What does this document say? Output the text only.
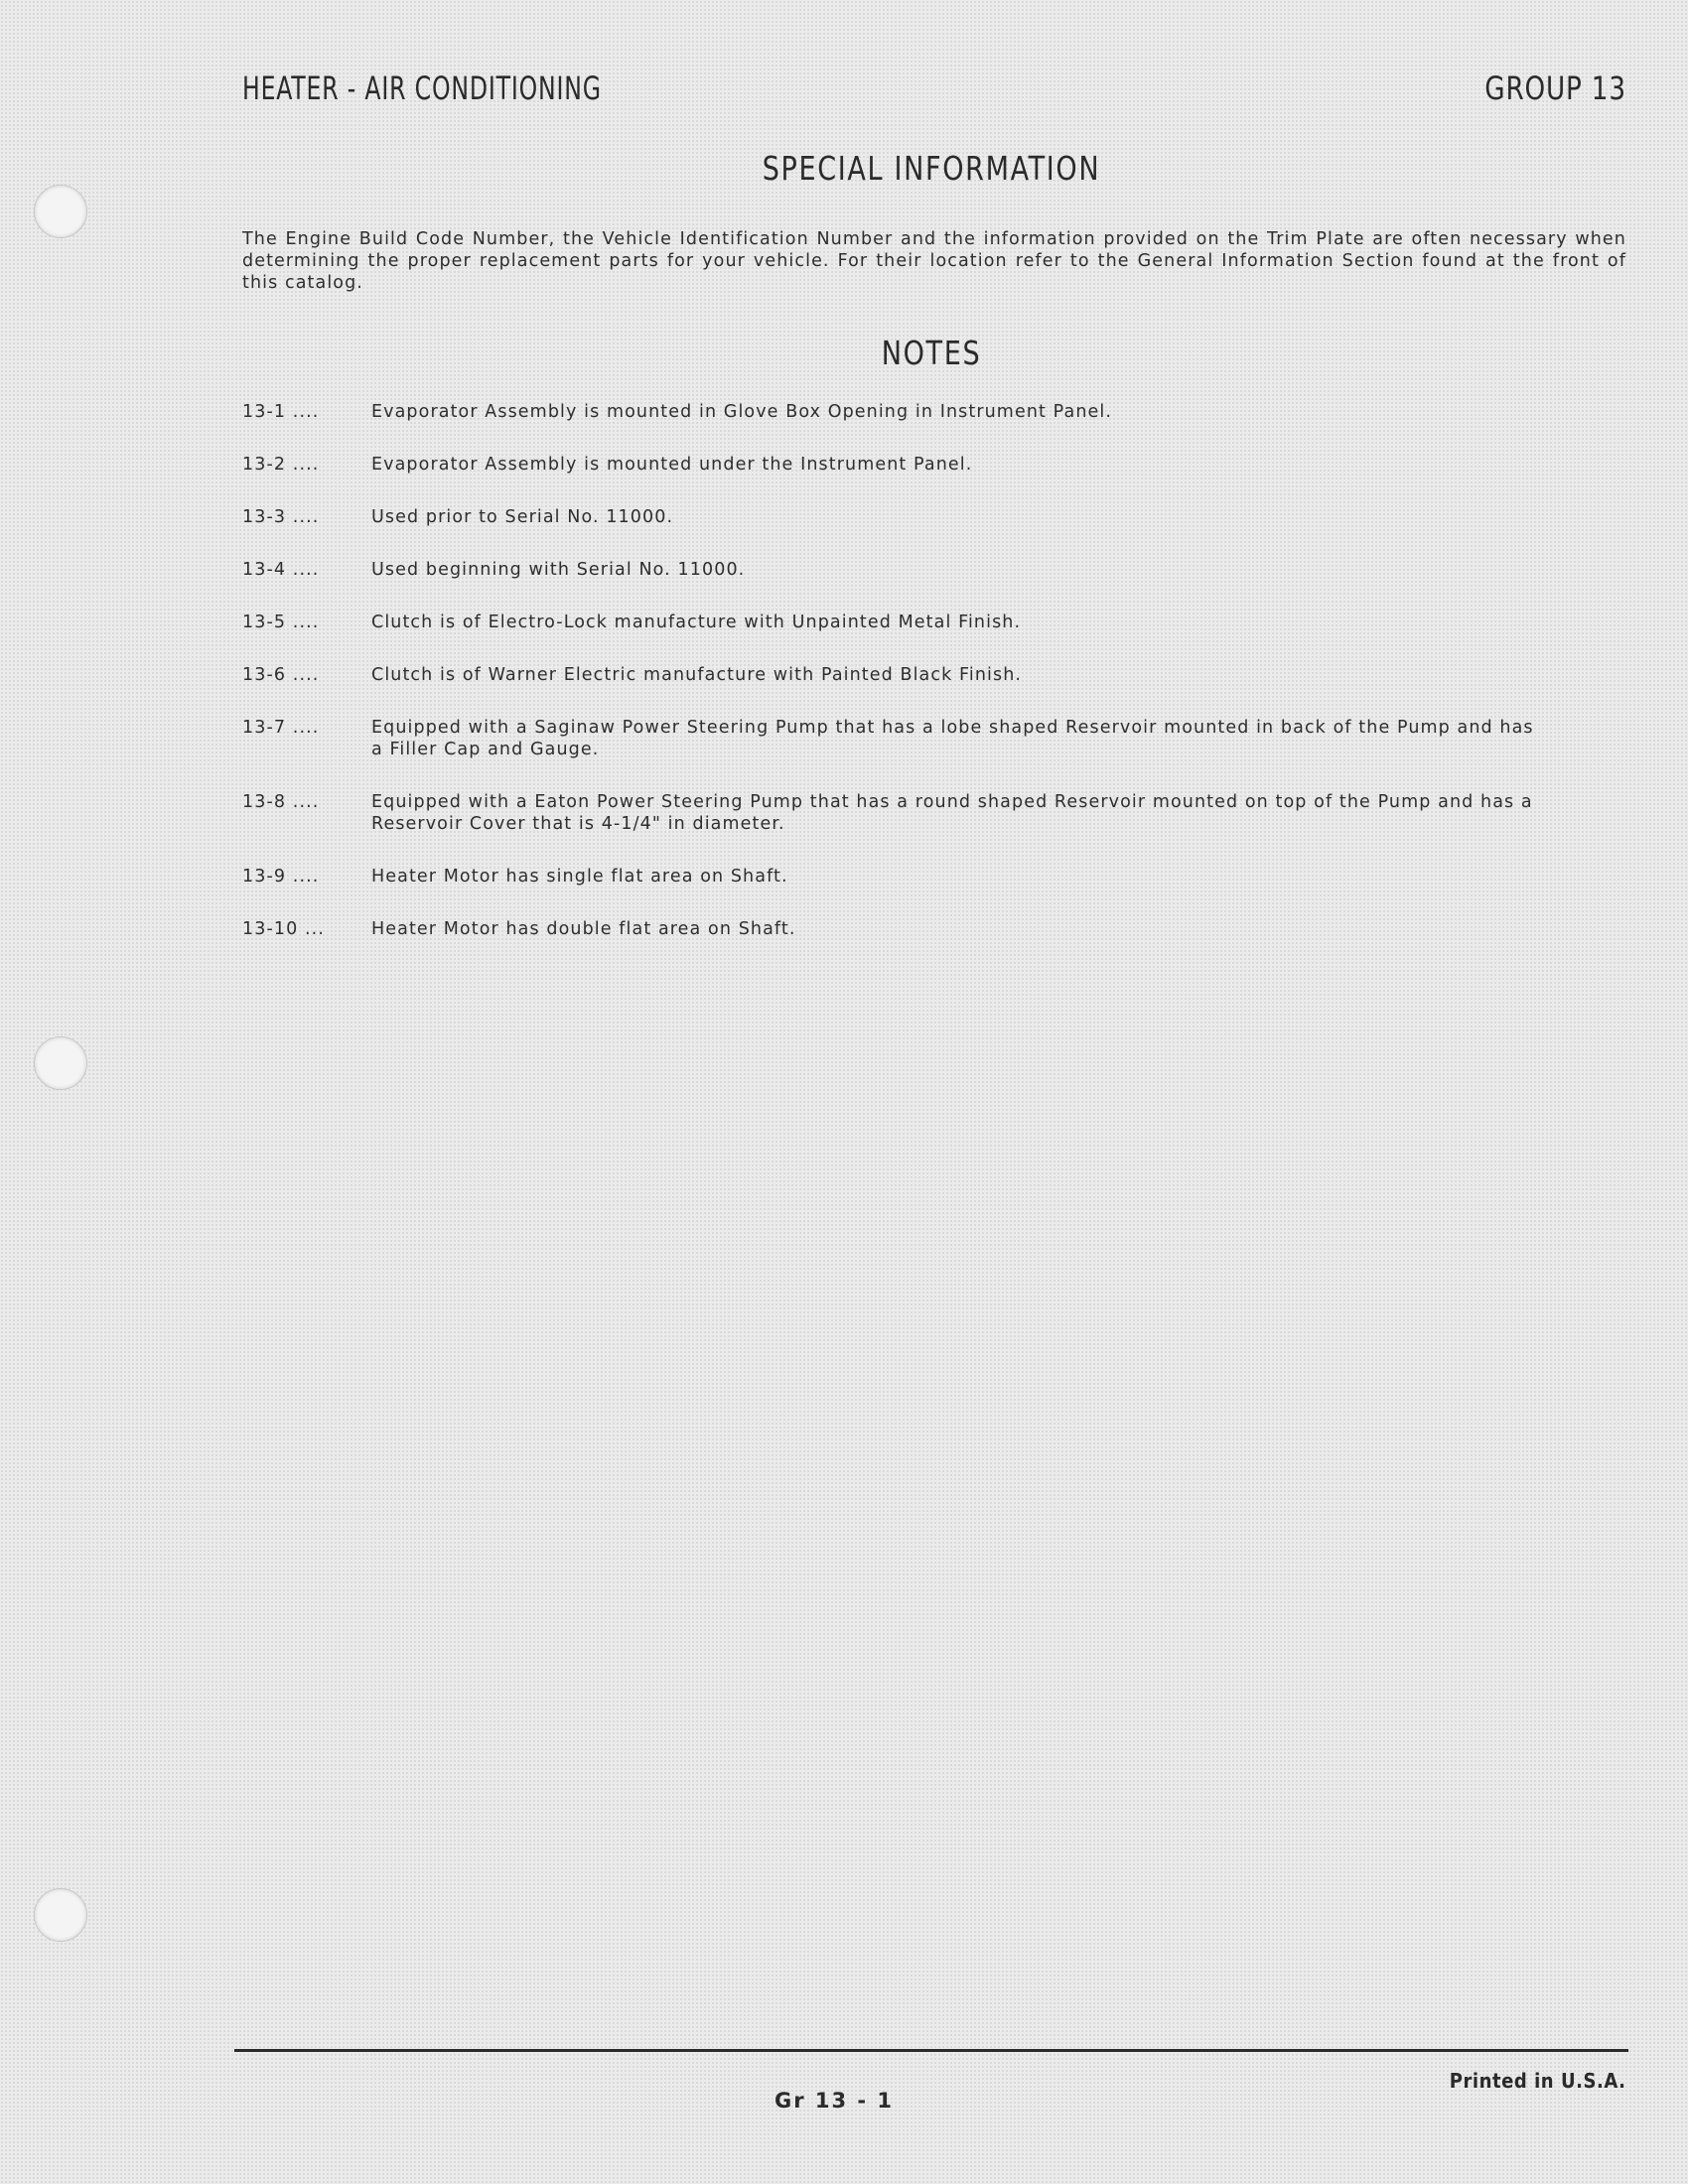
HEATER - AIR CONDITIONING	GROUP 13
SPECIAL INFORMATION

The Engine Build Code Number, the Vehicle Identification Number and the information provided on the Trim Plate are often necessary when determining the proper replacement parts for your vehicle. For their location refer to the General Information Section found at the front of this catalog.

NOTES
13-1 ....	Evaporator Assembly is mounted in Glove Box Opening in Instrument Panel.
13-2 ....	Evaporator Assembly is mounted under the Instrument Panel.
13-3 ....	Used prior to Serial No. 11000.
13-4 ....	Used beginning with Serial No. 11000.
13-5 ....	Clutch is of Electro-Lock manufacture with Unpainted Metal Finish.
13-6 ....	Clutch is of Warner Electric manufacture with Painted Black Finish.
13-7 ....	Equipped with a Saginaw Power Steering Pump that has a lobe shaped Reservoir mounted in back of the Pump and has a Filler Cap and Gauge.
13-8 ....	Equipped with a Eaton Power Steering Pump that has a round shaped Reservoir mounted on top of the Pump and has a Reservoir Cover that is 4-1/4" in diameter.
13-9 ....	Heater Motor has single flat area on Shaft.
13-10 ...	Heater Motor has double flat area on Shaft.
Printed in U.S.A.
Gr 13 - 1
